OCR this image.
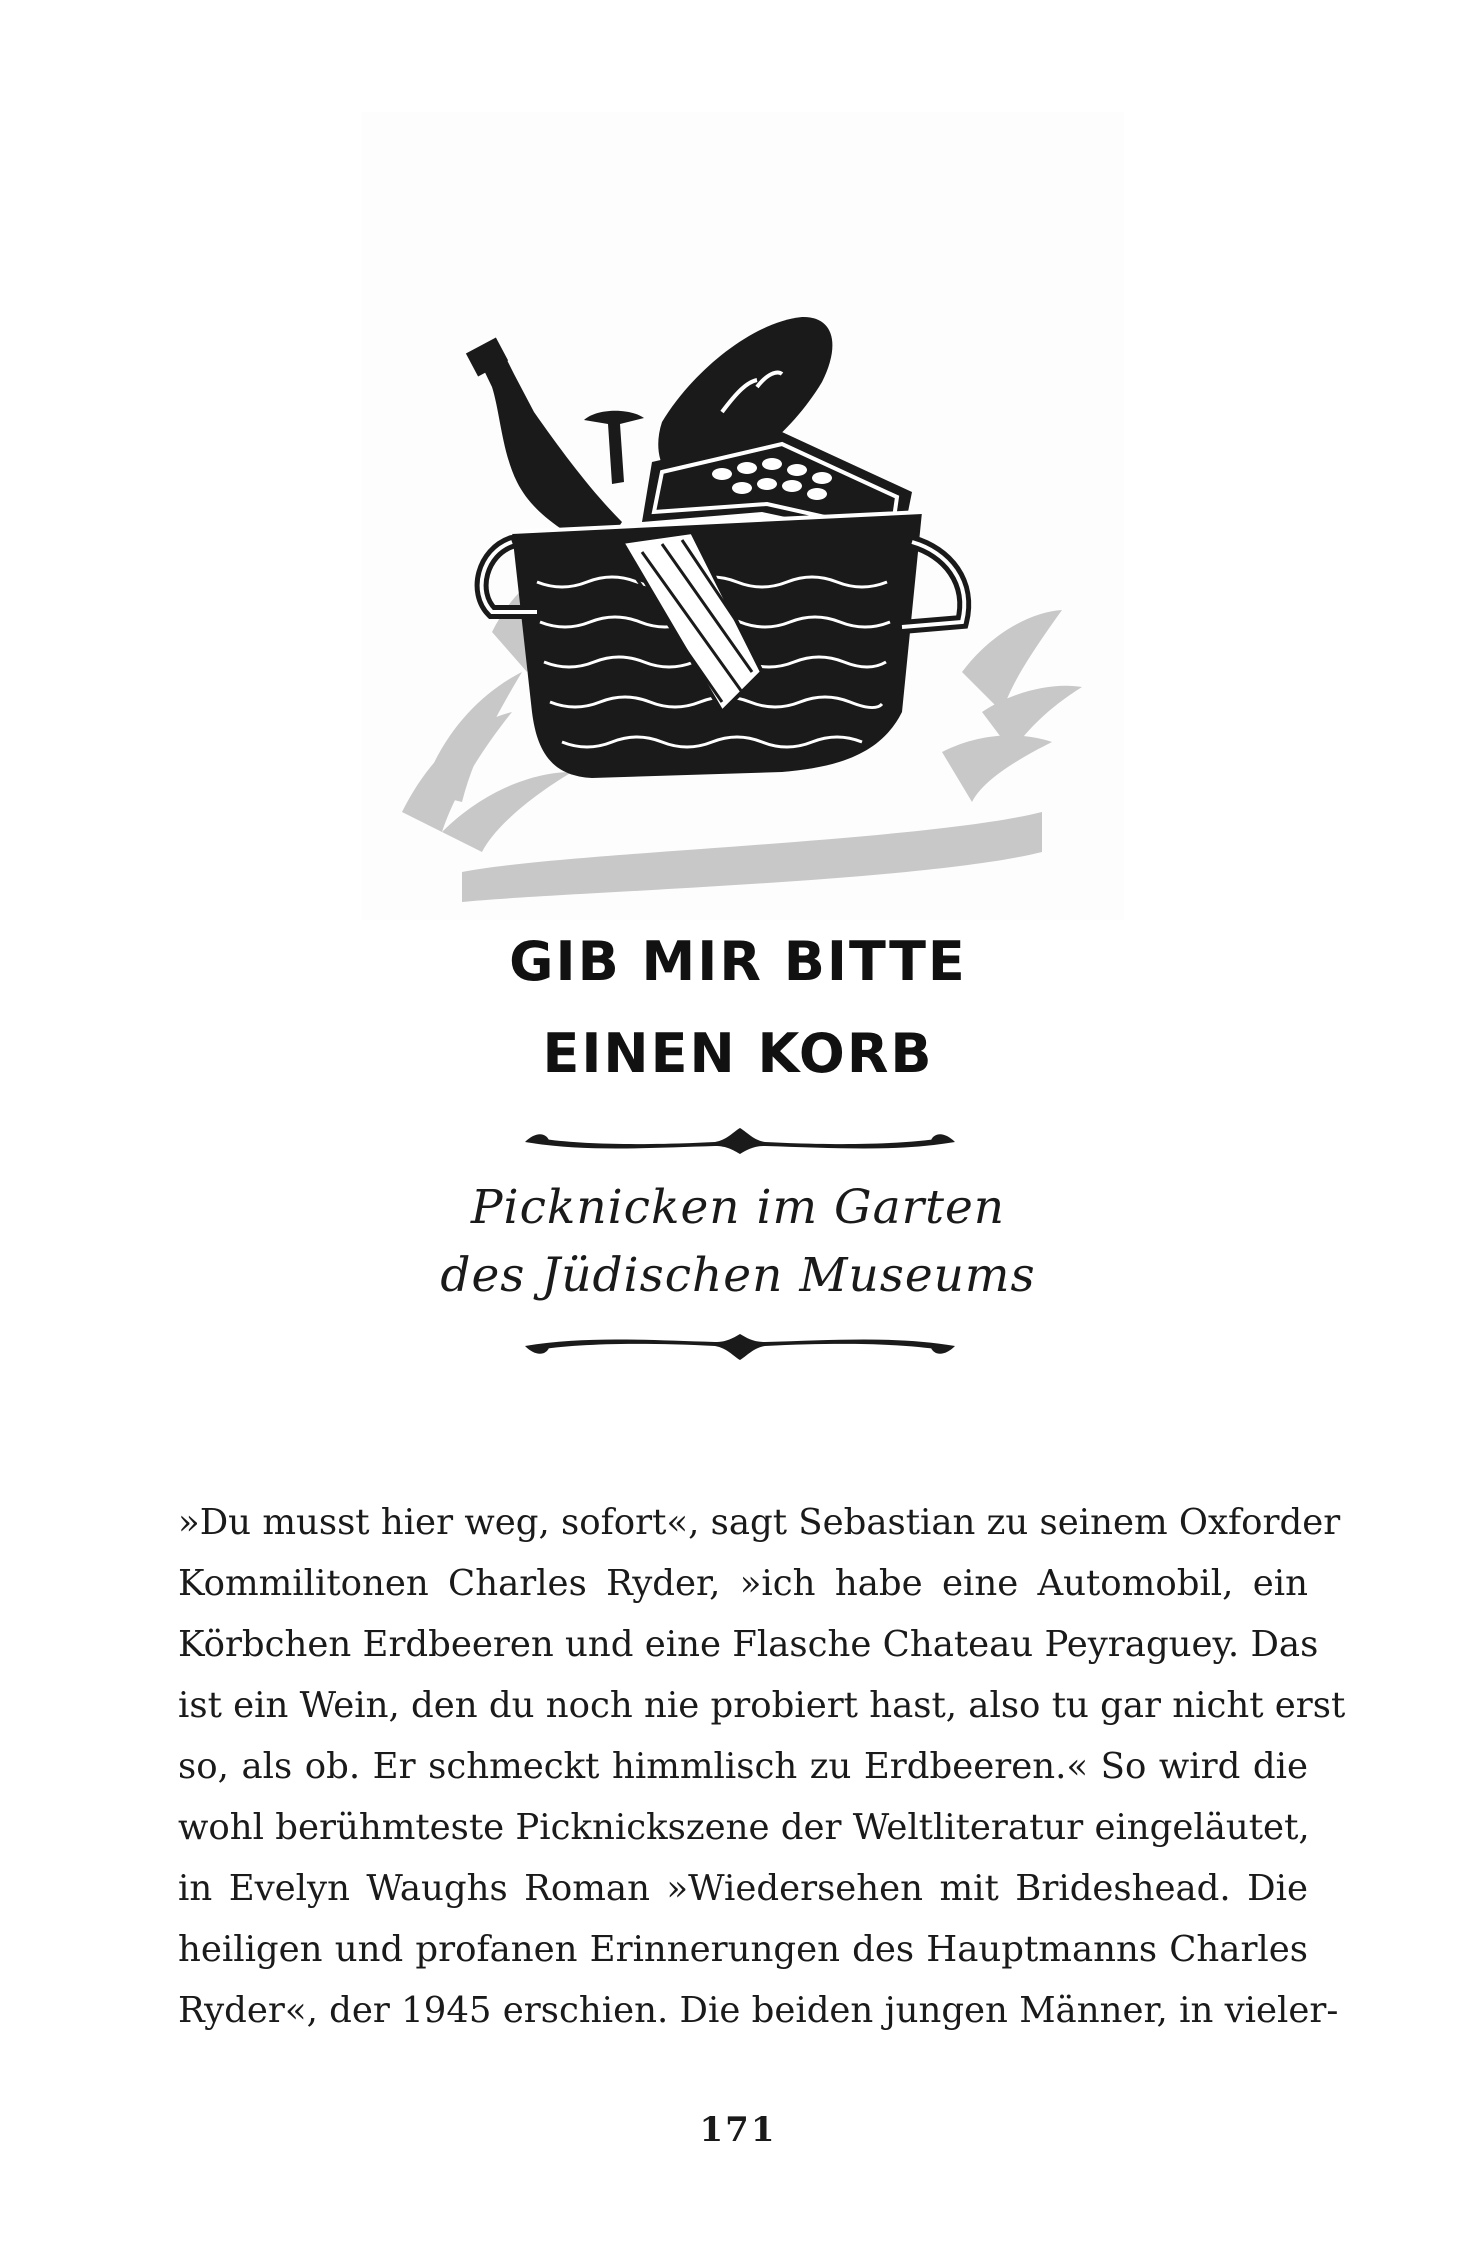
GIB MIR BITTE
EINEN KORB
Picknicken im Garten
des Jüdischen Museums
»Du musst hier weg, sofort«, sagt Sebastian zu seinem Oxforder
Kommilitonen Charles Ryder, »ich habe eine Automobil, ein
Körbchen Erdbeeren und eine Flasche Chateau Peyraguey. Das
ist ein Wein, den du noch nie probiert hast, also tu gar nicht erst
so, als ob. Er schmeckt himmlisch zu Erdbeeren.« So wird die
wohl berühmteste Picknickszene der Weltliteratur eingeläutet,
in Evelyn Waughs Roman »Wiedersehen mit Brideshead. Die
heiligen und profanen Erinnerungen des Hauptmanns Charles
Ryder«, der 1945 erschien. Die beiden jungen Männer, in vieler-
171
